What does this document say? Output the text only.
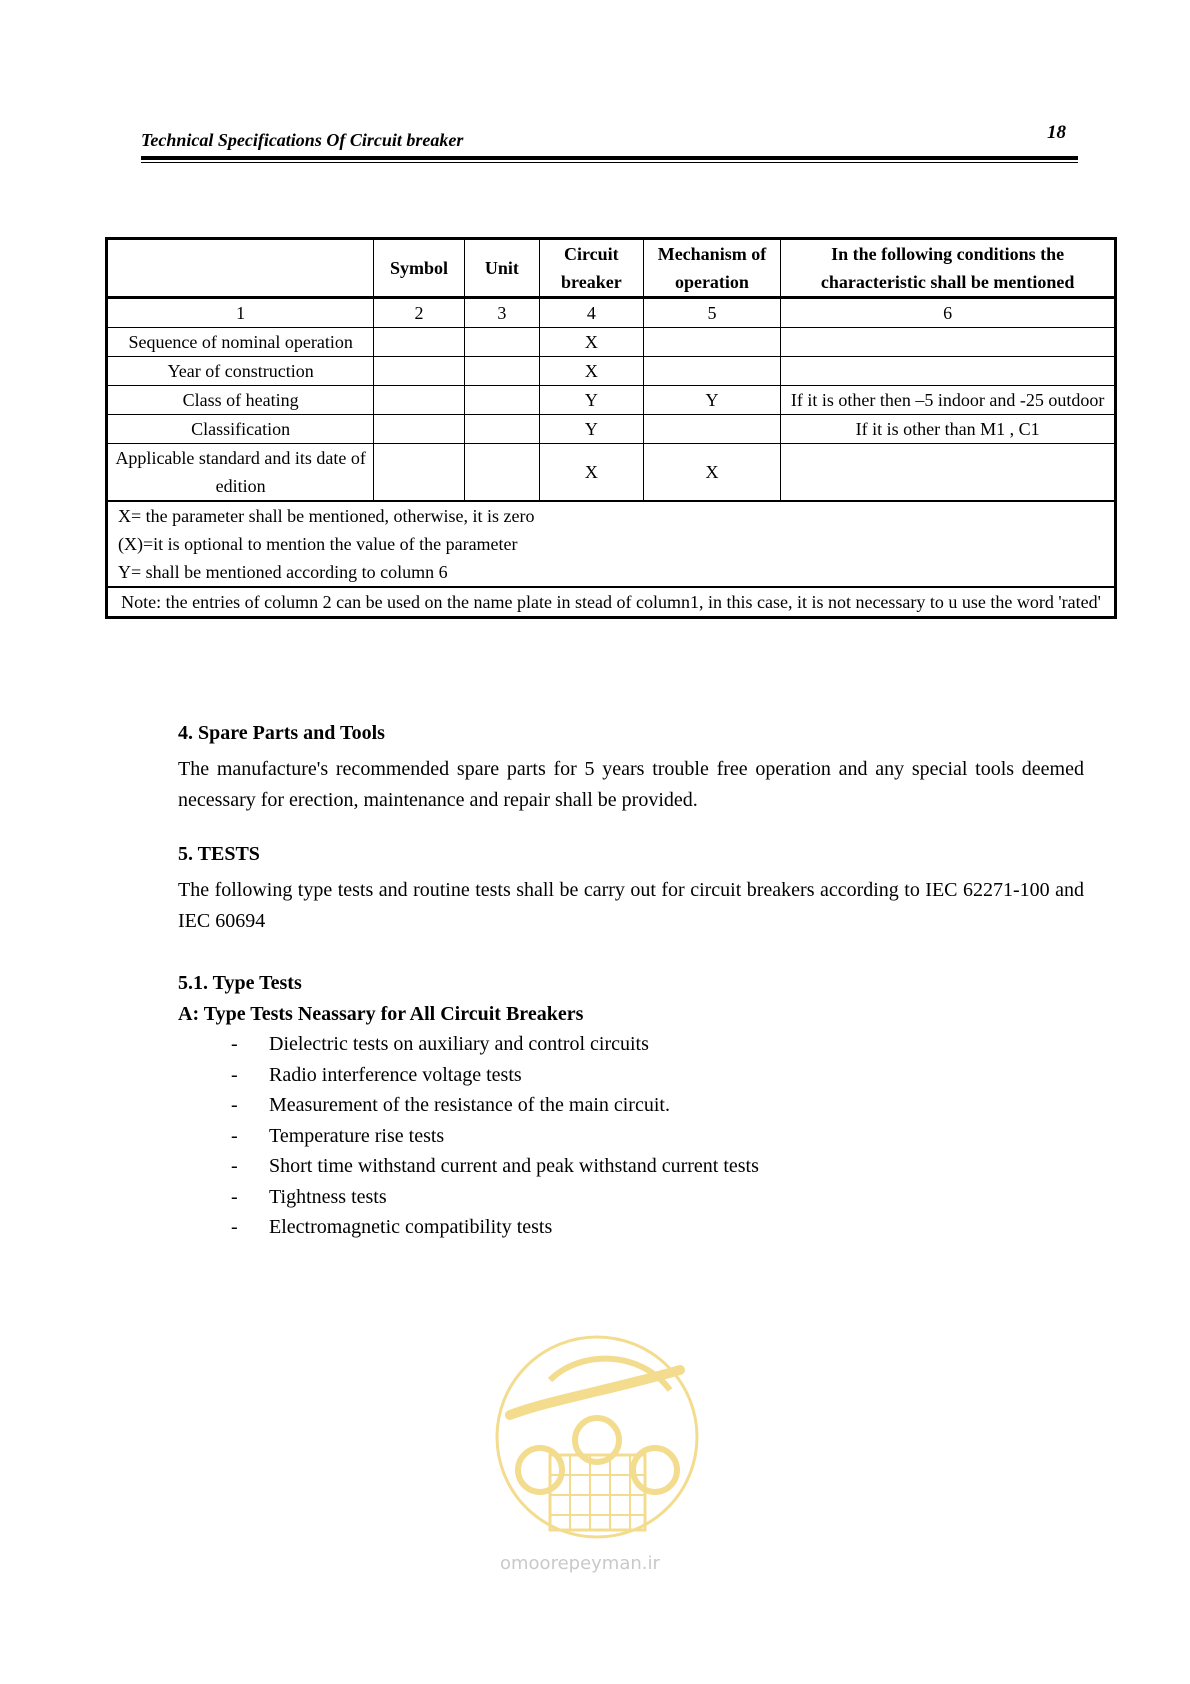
Technical Specifications Of Circuit breaker	18
	Symbol	Unit	Circuit breaker	Mechanism of operation	In the following conditions the characteristic shall be mentioned
1	2	3	4	5	6
Sequence of nominal operation			X		
Year of construction			X		
Class of heating			Y	Y	If it is other then –5 indoor and -25 outdoor
Classification			Y		If it is other than M1 , C1
Applicable standard and its date of edition			X	X	

X= the parameter shall be mentioned, otherwise, it is zero
(X)=it is optional to mention the value of the parameter
Y= shall be mentioned according to column 6					

Note: the entries of column 2 can be used on the name plate in stead of column1, in this case, it is not necessary to u use the word 'rated'					
4. Spare Parts and Tools

The manufacture's recommended spare parts for 5 years trouble free operation and any special tools deemed necessary for erection, maintenance and repair shall be provided.

5. TESTS

The following type tests and routine tests shall be carry out for circuit breakers according to IEC 62271-100 and IEC 60694

5.1. Type Tests
A: Type Tests Neassary for All Circuit Breakers
- Dielectric tests on auxiliary and control circuits
- Radio interference voltage tests
- Measurement of the resistance of the main circuit.
- Temperature rise tests
- Short time withstand current and peak withstand current tests
- Tightness tests
- Electromagnetic compatibility tests
omoorepeyman.ir
